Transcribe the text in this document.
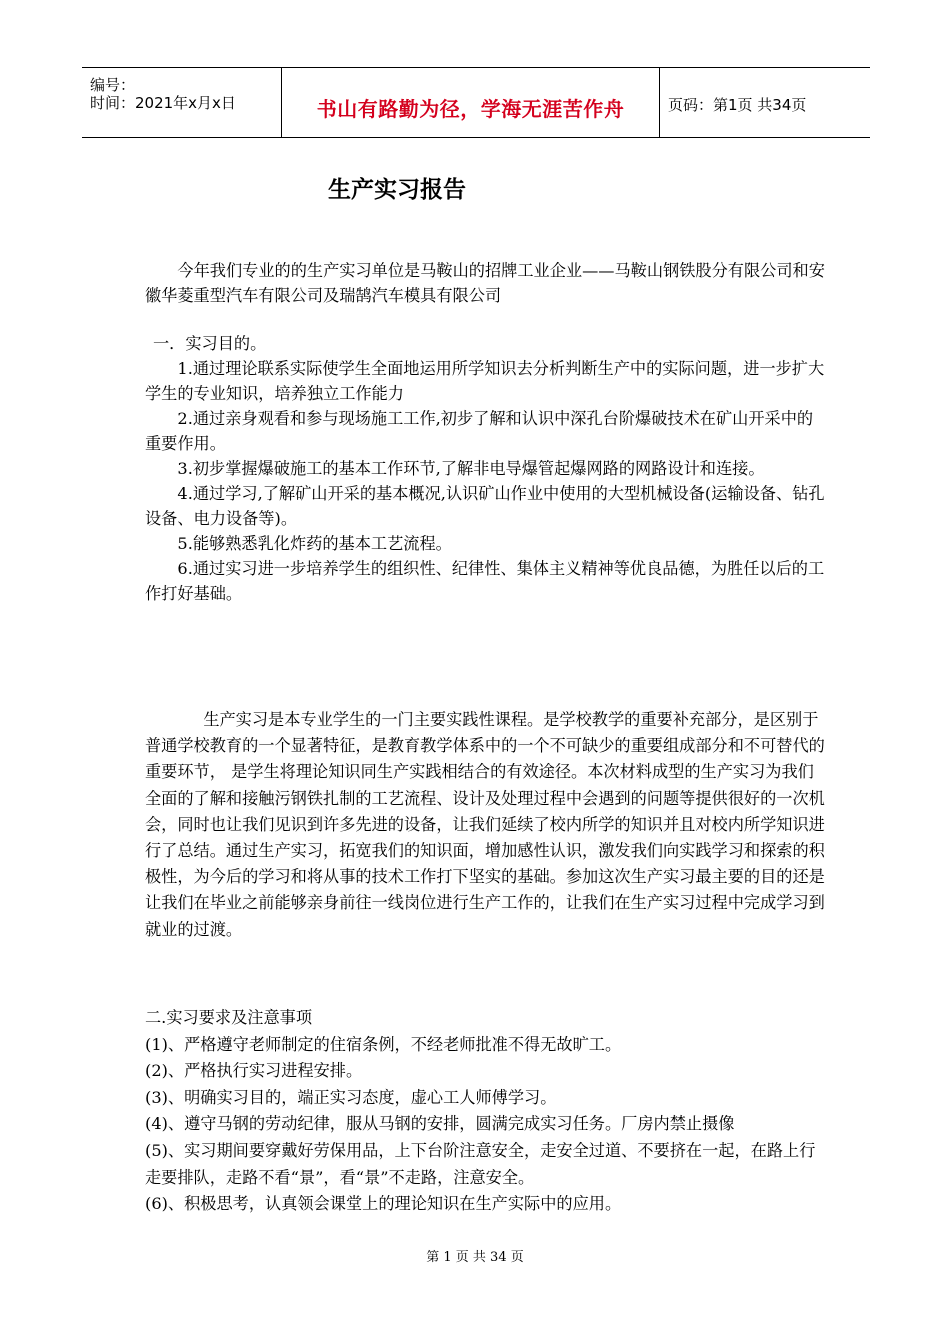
编号：
时间：2021年x月x日	书山有路勤为径，学海无涯苦作舟	页码：第1页 共34页
生产实习报告

今年我们专业的的生产实习单位是马鞍山的招牌工业企业——马鞍山钢铁股分有限公司和安徽华菱重型汽车有限公司及瑞鹄汽车模具有限公司

一．实习目的。

1.通过理论联系实际使学生全面地运用所学知识去分析判断生产中的实际问题，进一步扩大学生的专业知识，培养独立工作能力

2.通过亲身观看和参与现场施工工作,初步了解和认识中深孔台阶爆破技术在矿山开采中的重要作用。

3.初步掌握爆破施工的基本工作环节,了解非电导爆管起爆网路的网路设计和连接。

4.通过学习,了解矿山开采的基本概况,认识矿山作业中使用的大型机械设备(运输设备、钻孔设备、电力设备等)。

5.能够熟悉乳化炸药的基本工艺流程。

6.通过实习进一步培养学生的组织性、纪律性、集体主义精神等优良品德，为胜任以后的工作打好基础。

生产实习是本专业学生的一门主要实践性课程。是学校教学的重要补充部分，是区别于普通学校教育的一个显著特征，是教育教学体系中的一个不可缺少的重要组成部分和不可替代的重要环节， 是学生将理论知识同生产实践相结合的有效途径。本次材料成型的生产实习为我们全面的了解和接触污钢铁扎制的工艺流程、设计及处理过程中会遇到的问题等提供很好的一次机会，同时也让我们见识到许多先进的设备，让我们延续了校内所学的知识并且对校内所学知识进行了总结。通过生产实习，拓宽我们的知识面，增加感性认识，激发我们向实践学习和探索的积极性，为今后的学习和将从事的技术工作打下坚实的基础。参加这次生产实习最主要的目的还是让我们在毕业之前能够亲身前往一线岗位进行生产工作的，让我们在生产实习过程中完成学习到就业的过渡。

二.实习要求及注意事项

(1)、严格遵守老师制定的住宿条例，不经老师批准不得无故旷工。

(2)、严格执行实习进程安排。

(3)、明确实习目的，端正实习态度，虚心工人师傅学习。

(4)、遵守马钢的劳动纪律，服从马钢的安排，圆满完成实习任务。厂房内禁止摄像

(5)、实习期间要穿戴好劳保用品，上下台阶注意安全，走安全过道、不要挤在一起，在路上行走要排队，走路不看“景”，看“景”不走路，注意安全。

(6)、积极思考，认真领会课堂上的理论知识在生产实际中的应用。

第 1 页 共 34 页
